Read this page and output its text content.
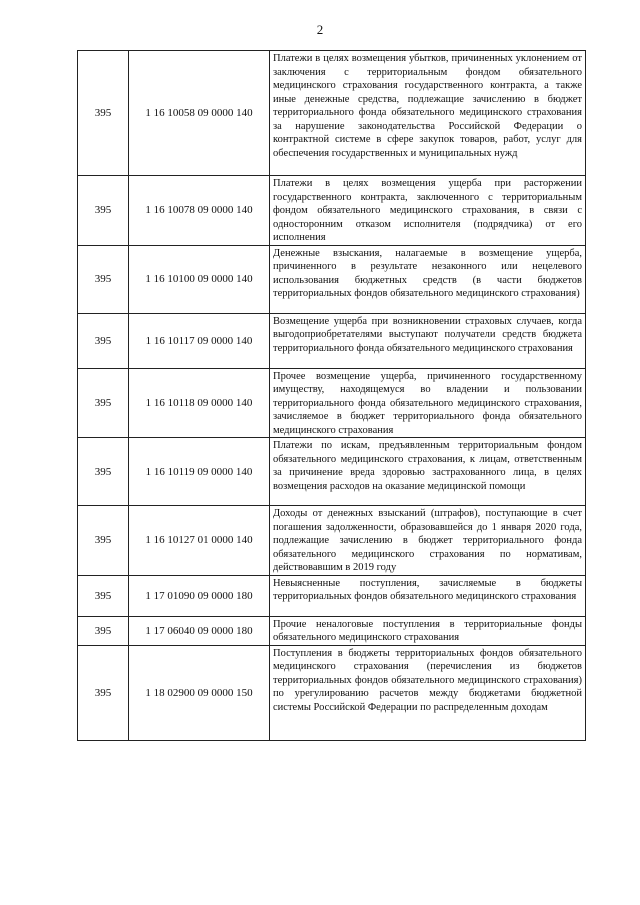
2
395	1 16 10058 09 0000 140	Платежи в целях возмещения убытков, причиненных уклонением от заключения с территориальным фондом обязательного медицинского страхования государственного контракта, а также иные денежные средства, подлежащие зачислению в бюджет территориального фонда обязательного медицинского страхования за нарушение законодательства Российской Федерации о контрактной системе в сфере закупок товаров, работ, услуг для обеспечения государственных и муниципальных нужд
395	1 16 10078 09 0000 140	Платежи в целях возмещения ущерба при расторжении государственного контракта, заключенного с территориальным фондом обязательного медицинского страхования, в связи с односторонним отказом исполнителя (подрядчика) от его исполнения
395	1 16 10100 09 0000 140	Денежные взыскания, налагаемые в возмещение ущерба, причиненного в результате незаконного или нецелевого использования бюджетных средств (в части бюджетов территориальных фондов обязательного медицинского страхования)
395	1 16 10117 09 0000 140	Возмещение ущерба при возникновении страховых случаев, когда выгодоприобретателями выступают получатели средств бюджета территориального фонда обязательного медицинского страхования
395	1 16 10118 09 0000 140	Прочее возмещение ущерба, причиненного государственному имуществу, находящемуся во владении и пользовании территориального фонда обязательного медицинского страхования, зачисляемое в бюджет территориального фонда обязательного медицинского страхования
395	1 16 10119 09 0000 140	Платежи по искам, предъявленным территориальным фондом обязательного медицинского страхования, к лицам, ответственным за причинение вреда здоровью застрахованного лица, в целях возмещения расходов на оказание медицинской помощи
395	1 16 10127 01 0000 140	Доходы от денежных взысканий (штрафов), поступающие в счет погашения задолженности, образовавшейся до 1 января 2020 года, подлежащие зачислению в бюджет территориального фонда обязательного медицинского страхования по нормативам, действовавшим в 2019 году
395	1 17 01090 09 0000 180	Невыясненные поступления, зачисляемые в бюджеты территориальных фондов обязательного медицинского страхования
395	1 17 06040 09 0000 180	Прочие неналоговые поступления в территориальные фонды обязательного медицинского страхования
395	1 18 02900 09 0000 150	Поступления в бюджеты территориальных фондов обязательного медицинского страхования (перечисления из бюджетов территориальных фондов обязательного медицинского страхования) по урегулированию расчетов между бюджетами бюджетной системы Российской Федерации по распределенным доходам
